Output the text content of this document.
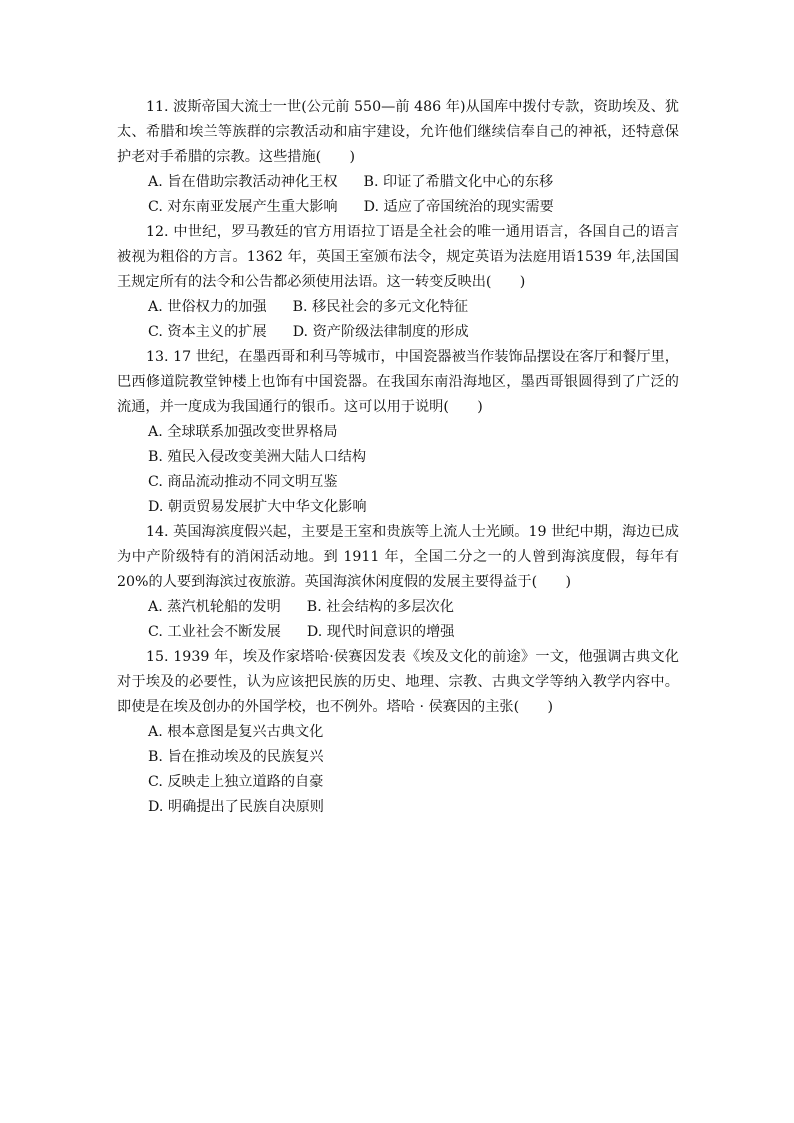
11. 波斯帝国大流士一世(公元前 550—前 486 年)从国库中拨付专款，资助埃及、犹太、希腊和埃兰等族群的宗教活动和庙宇建设，允许他们继续信奉自己的神祇，还特意保护老对手希腊的宗教。这些措施(　　)

A. 旨在借助宗教活动神化王权 B. 印证了希腊文化中心的东移
C. 对东南亚发展产生重大影响 D. 适应了帝国统治的现实需要

12. 中世纪，罗马教廷的官方用语拉丁语是全社会的唯一通用语言，各国自己的语言被视为粗俗的方言。1362 年，英国王室颁布法令，规定英语为法庭用语1539 年,法国国王规定所有的法令和公告都必须使用法语。这一转变反映出(　　)

A. 世俗权力的加强 B. 移民社会的多元文化特征
C. 资本主义的扩展 D. 资产阶级法律制度的形成

13. 17 世纪，在墨西哥和利马等城市，中国瓷器被当作装饰品摆设在客厅和餐厅里，巴西修道院教堂钟楼上也饰有中国瓷器。在我国东南沿海地区，墨西哥银圆得到了广泛的流通，并一度成为我国通行的银币。这可以用于说明(　　)

A. 全球联系加强改变世界格局
B. 殖民入侵改变美洲大陆人口结构
C. 商品流动推动不同文明互鉴
D. 朝贡贸易发展扩大中华文化影响

14. 英国海滨度假兴起，主要是王室和贵族等上流人士光顾。19 世纪中期，海边已成为中产阶级特有的消闲活动地。到 1911 年，全国二分之一的人曾到海滨度假，每年有 20%的人要到海滨过夜旅游。英国海滨休闲度假的发展主要得益于(　　)

A. 蒸汽机轮船的发明 B. 社会结构的多层次化
C. 工业社会不断发展 D. 现代时间意识的增强

15. 1939 年，埃及作家塔哈·侯赛因发表《埃及文化的前途》一文，他强调古典文化对于埃及的必要性，认为应该把民族的历史、地理、宗教、古典文学等纳入教学内容中。即使是在埃及创办的外国学校，也不例外。塔哈 · 侯赛因的主张(　　)

A. 根本意图是复兴古典文化
B. 旨在推动埃及的民族复兴
C. 反映走上独立道路的自豪
D. 明确提出了民族自决原则
